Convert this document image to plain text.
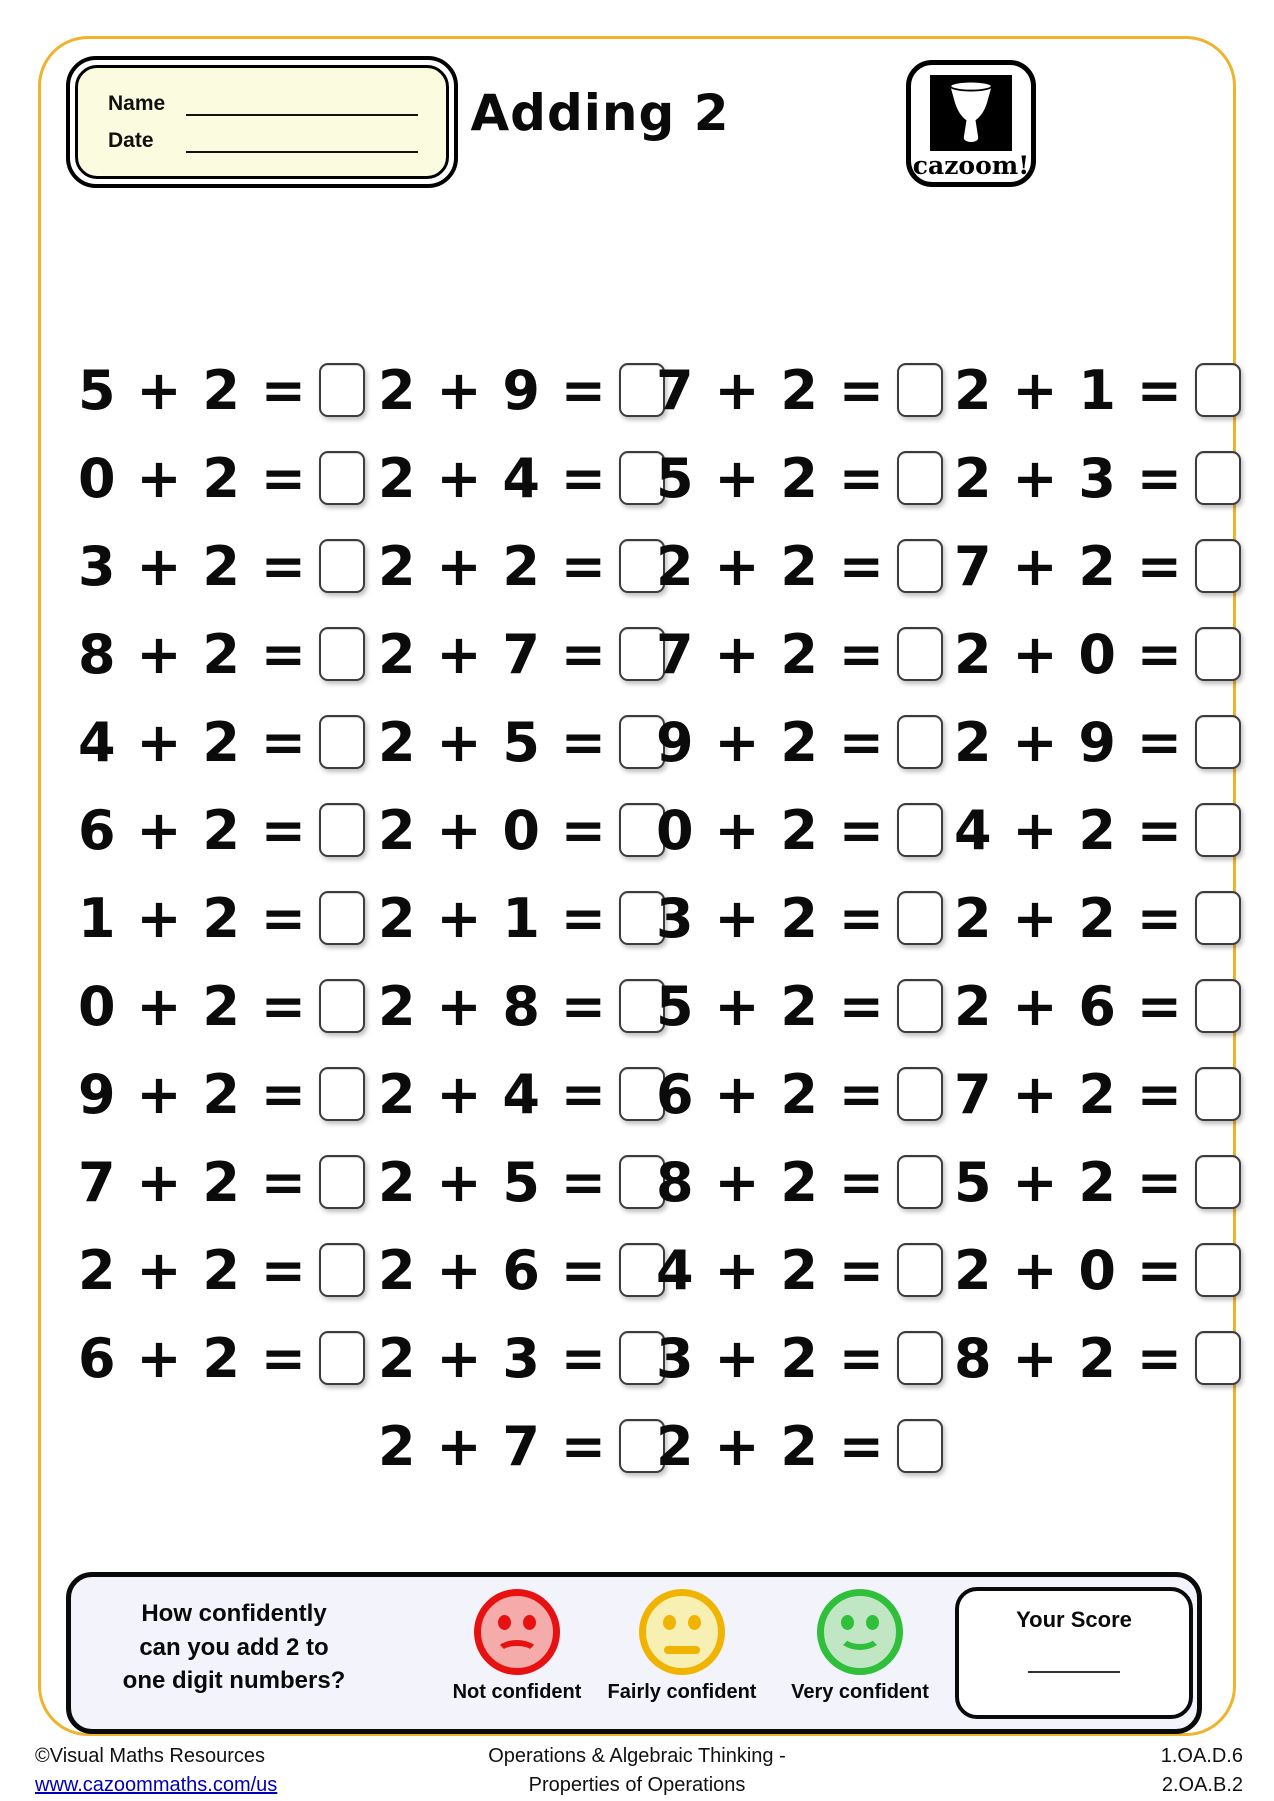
Name
Date	Adding 2
cazoom!
5 + 2 = 2 + 9 = 7 + 2 = 2 + 1 =
0 + 2 = 2 + 4 = 5 + 2 = 2 + 3 =
3 + 2 = 2 + 2 = 2 + 2 = 7 + 2 =
8 + 2 = 2 + 7 = 7 + 2 = 2 + 0 =
4 + 2 = 2 + 5 = 9 + 2 = 2 + 9 =
6 + 2 = 2 + 0 = 0 + 2 = 4 + 2 =
1 + 2 = 2 + 1 = 3 + 2 = 2 + 2 =
0 + 2 = 2 + 8 = 5 + 2 = 2 + 6 =
9 + 2 = 2 + 4 = 6 + 2 = 7 + 2 =
7 + 2 = 2 + 5 = 8 + 2 = 5 + 2 =
2 + 2 = 2 + 6 = 4 + 2 = 2 + 0 =
6 + 2 = 2 + 3 = 3 + 2 = 8 + 2 =
2 + 7 = 2 + 2 =
How confidently
can you add 2 to
one digit numbers?	Not confident Fairly confident Very confident
Your Score
©Visual Maths Resources
www.cazoommaths.com/us
Operations & Algebraic Thinking -
Properties of Operations
1.OA.D.6
2.OA.B.2
